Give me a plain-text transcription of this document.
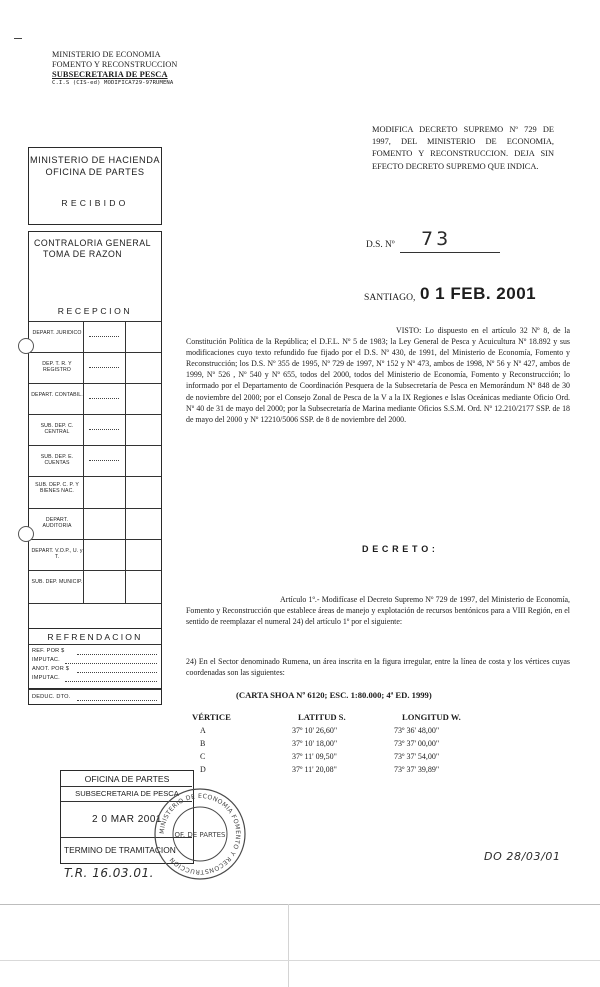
MINISTERIO DE ECONOMIA
FOMENTO Y RECONSTRUCCION
SUBSECRETARIA DE PESCA
C.I.S (CIS-ed) MODIFICA729-97RUMENA
MODIFICA DECRETO SUPREMO Nº 729 DE 1997, DEL MINISTERIO DE ECONOMIA, FOMENTO Y RECONSTRUCCION. DEJA SIN EFECTO DECRETO SUPREMO QUE INDICA.
D.S. Nº 73
SANTIAGO, 0 1 FEB. 2001
MINISTERIO DE HACIENDA
OFICINA DE PARTES
RECIBIDO
CONTRALORIA GENERAL
TOMA DE RAZON
RECEPCION
DEPART. JURIDICO
DEP. T. R. Y REGISTRO
DEPART. CONTABIL.
SUB. DEP. C. CENTRAL
SUB. DEP. E. CUENTAS
SUB. DEP. C. P. Y BIENES NAC.
DEPART. AUDITORIA
DEPART. V.O.P., U. y T.
SUB. DEP. MUNICIP.
REFRENDACION
REF. POR $
IMPUTAC.
ANOT. POR $
IMPUTAC.
DEDUC. DTO.
VISTO: Lo dispuesto en el artículo 32 Nº 8, de la Constitución Política de la República; el D.F.L. Nº 5 de 1983; la Ley General de Pesca y Acuicultura Nº 18.892 y sus modificaciones cuyo texto refundido fue fijado por el D.S. Nº 430, de 1991, del Ministerio de Economía, Fomento y Reconstrucción; los D.S. Nº 355 de 1995, Nº 729 de 1997, Nº 152 y Nº 473, ambos de 1998, Nº 56 y Nº 427, ambos de 1999, Nº 526 , Nº 540 y Nº 655, todos del 2000, todos del Ministerio de Economía, Fomento y Reconstrucción; lo informado por el Departamento de Coordinación Pesquera de la Subsecretaría de Pesca en Memorándum Nº 848 de 30 de noviembre del 2000; por el Consejo Zonal de Pesca de la V a la IX Regiones e Islas Oceánicas mediante Oficio Ord. Nº 40 de 31 de mayo del 2000; por la Subsecretaría de Marina mediante Oficios S.S.M. Ord. Nº 12.210/2177 SSP. de 18 de mayo del 2000 y Nº 12210/5006 SSP. de 8 de noviembre del 2000.
D E C R E T O :
Artículo 1º.- Modifícase el Decreto Supremo Nº 729 de 1997, del Ministerio de Economía, Fomento y Reconstrucción que establece áreas de manejo y explotación de recursos bentónicos para a VIII Región, en el sentido de reemplazar el numeral 24) del artículo 1º por el siguiente:
24) En el Sector denominado Rumena, un área inscrita en la figura irregular, entre la línea de costa y los vértices cuyas coordenadas son las siguientes:
(CARTA SHOA Nº 6120; ESC. 1:80.000; 4ª ED. 1999)
VÉRTICE	LATITUD S.	LONGITUD W.
A	37º 10' 26,60"	73º 36' 48,00"
B	37º 10' 18,00"	73º 37' 00,00"
C	37º 11' 09,50"	73º 37' 54,00"
D	37º 11' 20,08"	73º 37' 39,89"
OFICINA DE PARTES
SUBSECRETARIA DE PESCA
2 0 MAR 2001
TERMINO DE TRAMITACION
MINISTERIO DE ECONOMIA FOMENTO Y RECONSTRUCCION
OF. DE PARTES
T.R. 16.03.01.
DO 28/03/01
